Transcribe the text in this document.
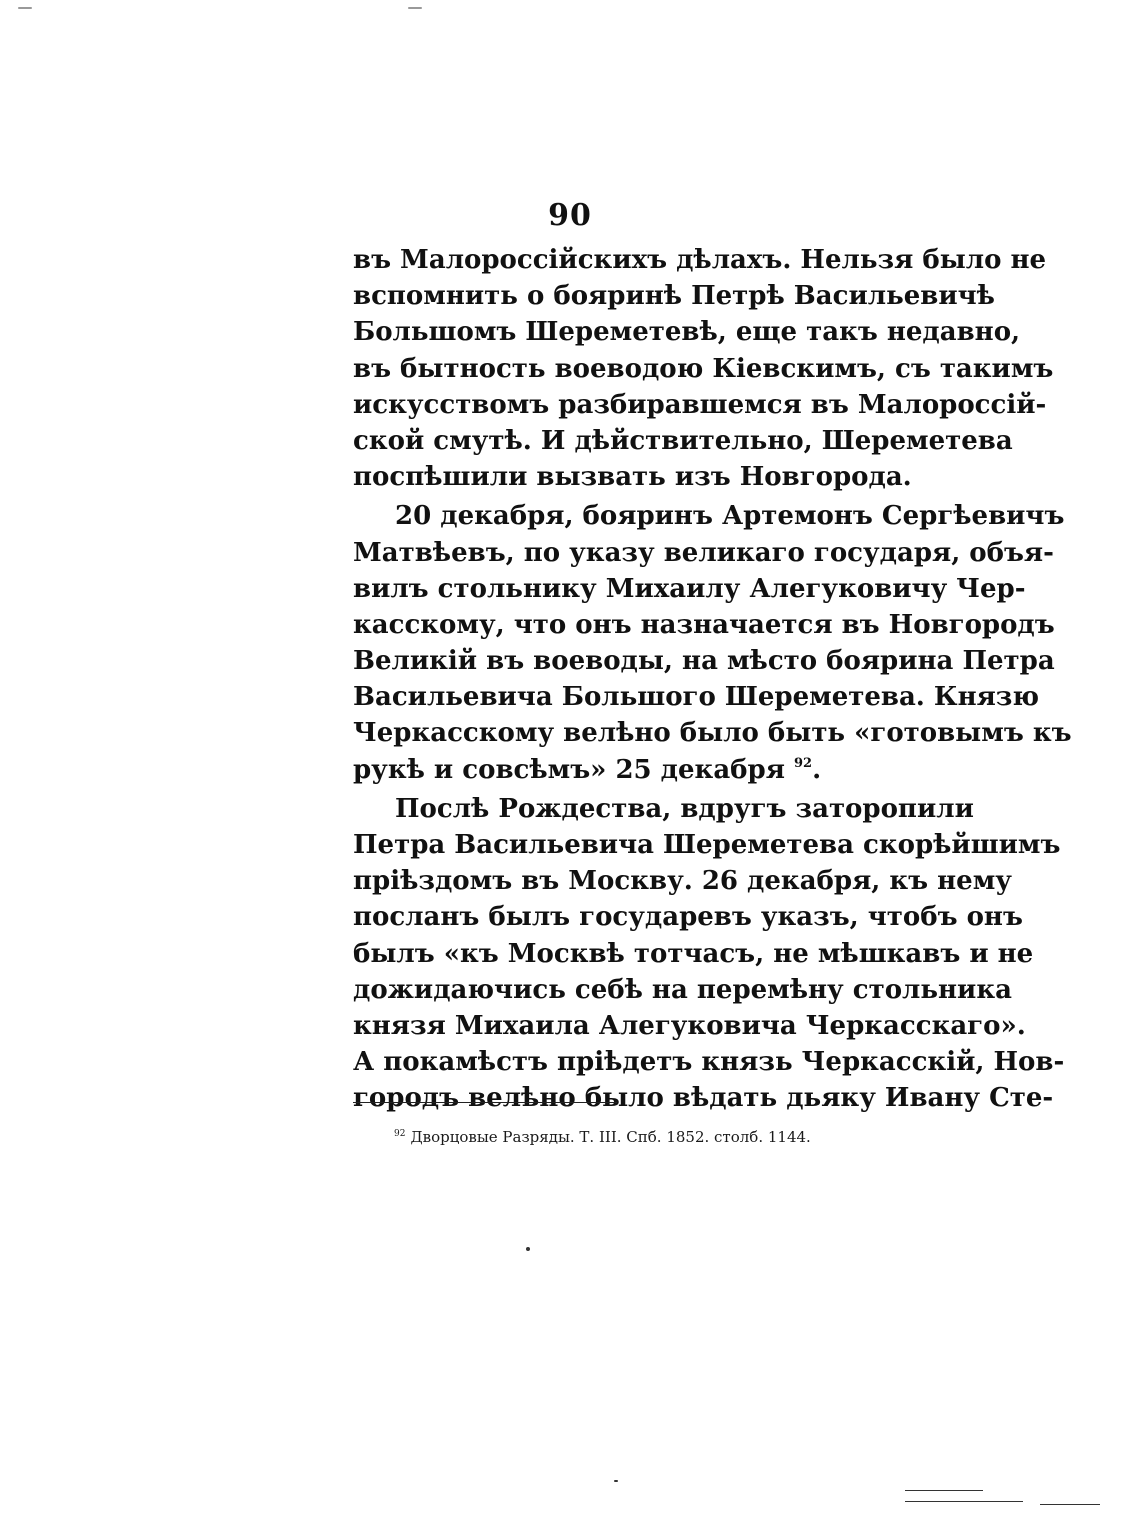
90
въ Малороссійскихъ дѣлахъ. Нельзя было не
вспомнить о бояринѣ Петрѣ Васильевичѣ
Большомъ Шереметевѣ, еще такъ недавно,
въ бытность воеводою Кіевскимъ, съ такимъ
искусствомъ разбиравшемся въ Малороссій-
ской смутѣ. И дѣйствительно, Шереметева
поспѣшили вызвать изъ Новгорода.
20 декабря, бояринъ Артемонъ Сергѣевичъ
Матвѣевъ, по указу великаго государя, объя-
вилъ стольнику Михаилу Алегуковичу Чер-
касскому, что онъ назначается въ Новгородъ
Великій въ воеводы, на мѣсто боярина Петра
Васильевича Большого Шереметева. Князю
Черкасскому велѣно было быть «готовымъ къ
рукѣ и совсѣмъ» 25 декабря $^{92}$.
Послѣ Рождества, вдругъ заторопили
Петра Васильевича Шереметева скорѣйшимъ
пріѣздомъ въ Москву. 26 декабря, къ нему
посланъ былъ государевъ указъ, чтобъ онъ
былъ «къ Москвѣ тотчасъ, не мѣшкавъ и не
дожидаючись себѣ на перемѣну стольника
князя Михаила Алегуковича Черкасскаго».
А покамѣстъ пріѣдетъ князь Черкасскій, Нов-
городъ велѣно было вѣдать дьяку Ивану Сте-
$^{92}$ Дворцовые Разряды. Т. III. Спб. 1852. столб. 1144.
